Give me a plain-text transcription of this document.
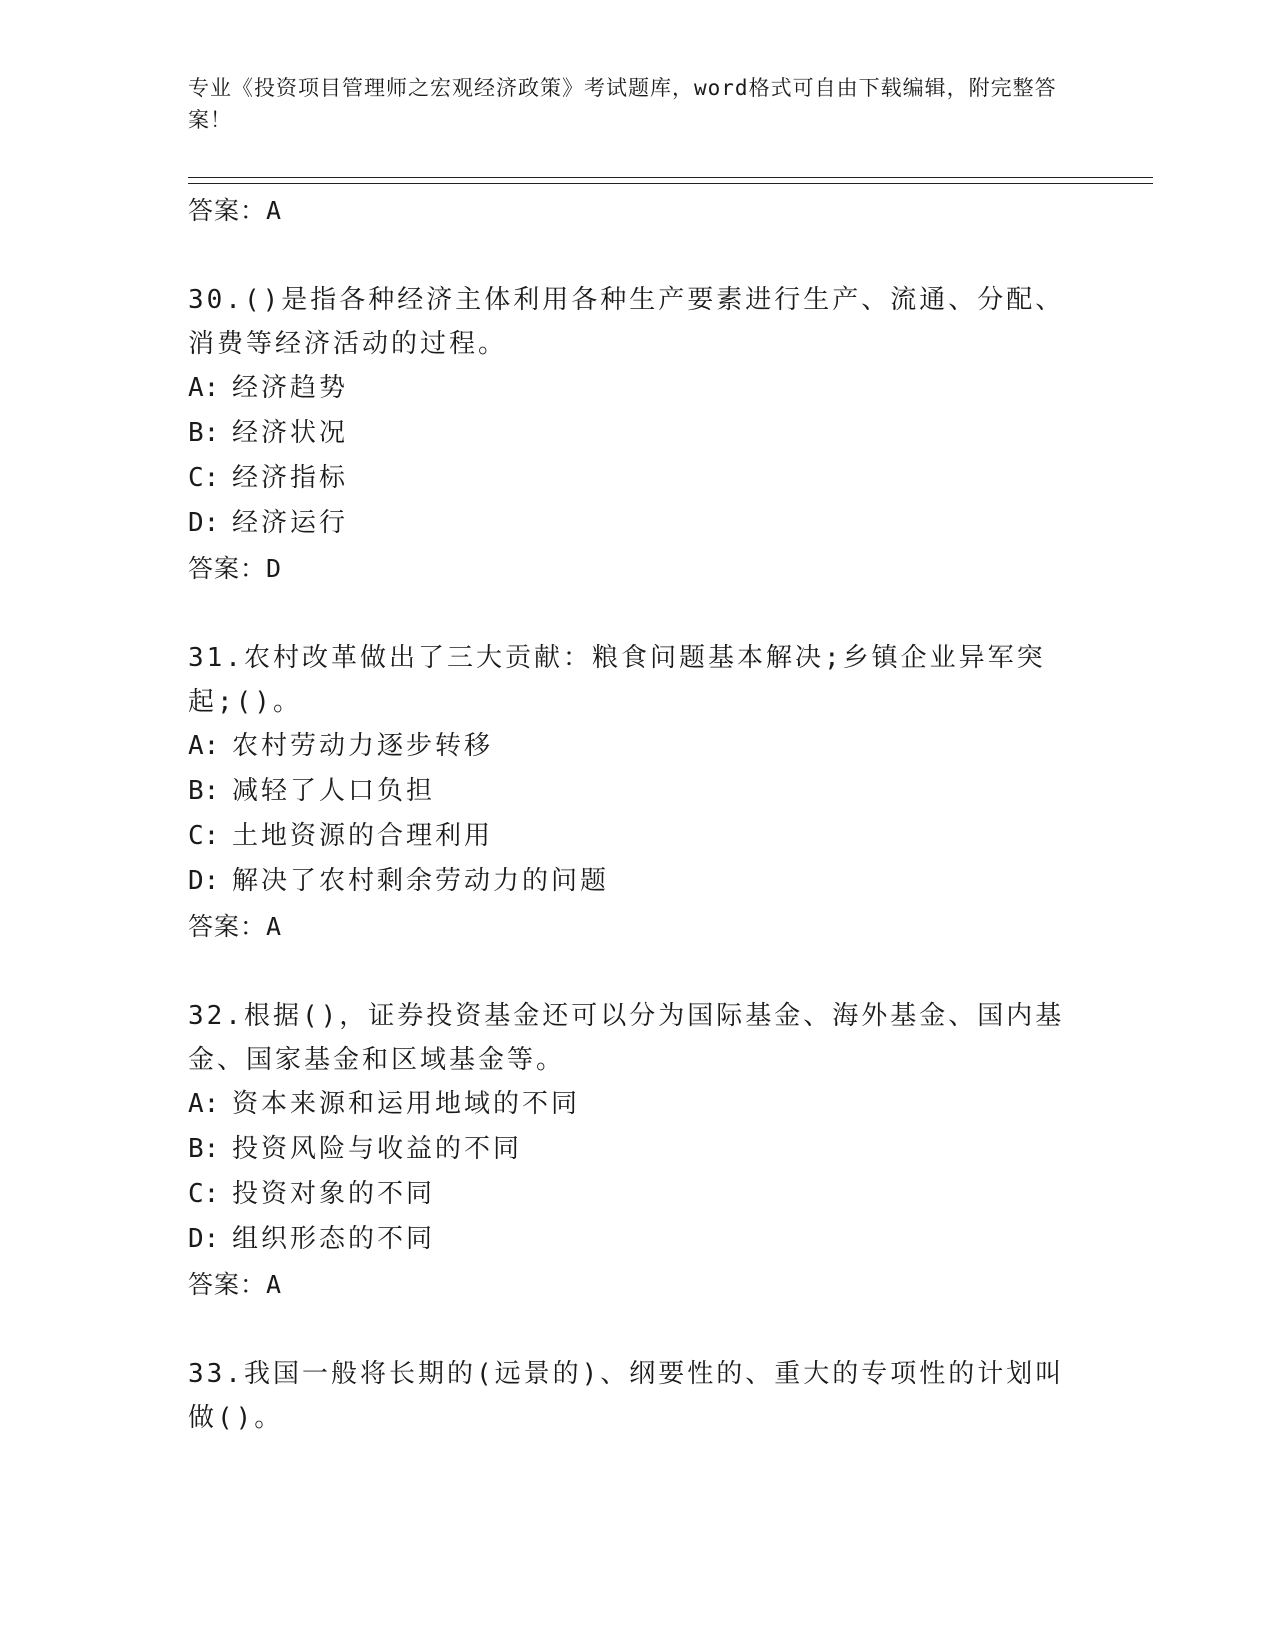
专业《投资项目管理师之宏观经济政策》考试题库，word格式可自由下载编辑，附完整答案！
答案：A
30.()是指各种经济主体利用各种生产要素进行生产、流通、分配、消费等经济活动的过程。
A: 经济趋势
B: 经济状况
C: 经济指标
D: 经济运行
答案：D
31.农村改革做出了三大贡献：粮食问题基本解决;乡镇企业异军突起;()。
A: 农村劳动力逐步转移
B: 减轻了人口负担
C: 土地资源的合理利用
D: 解决了农村剩余劳动力的问题
答案：A
32.根据()，证券投资基金还可以分为国际基金、海外基金、国内基金、国家基金和区域基金等。
A: 资本来源和运用地域的不同
B: 投资风险与收益的不同
C: 投资对象的不同
D: 组织形态的不同
答案：A
33.我国一般将长期的(远景的)、纲要性的、重大的专项性的计划叫做()。
